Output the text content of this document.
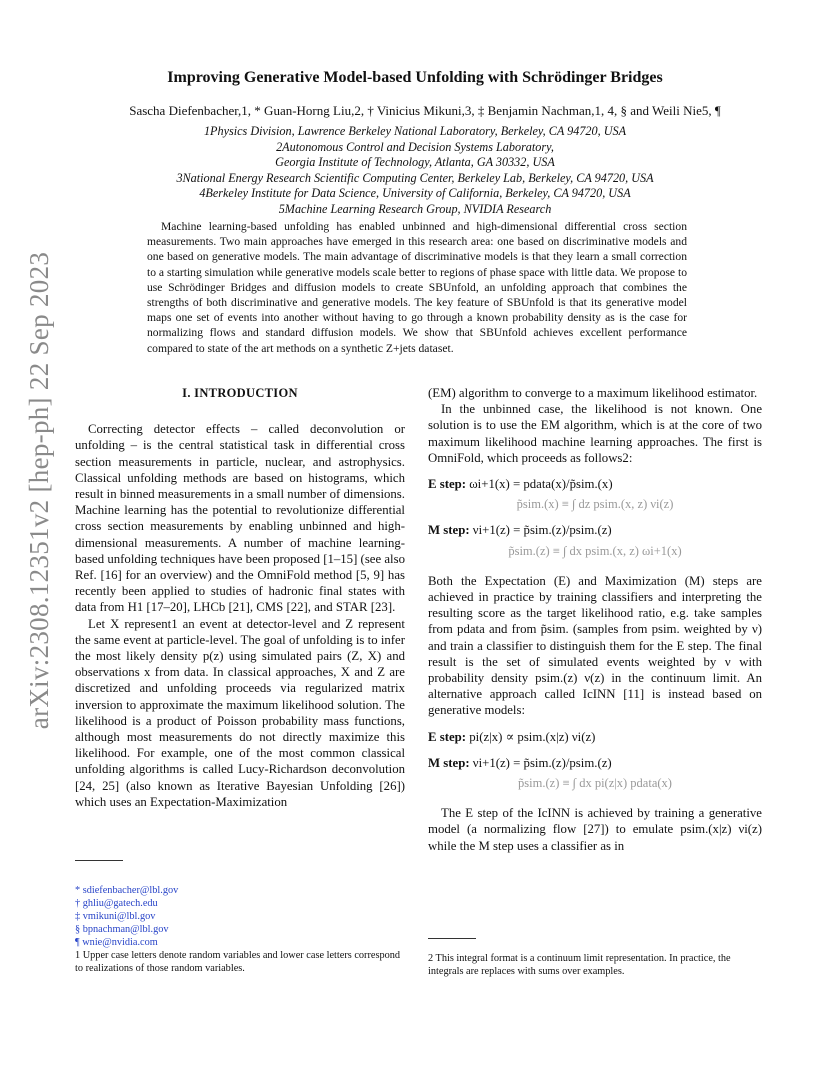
arXiv:2308.12351v2 [hep-ph] 22 Sep 2023
Improving Generative Model-based Unfolding with Schrödinger Bridges
Sascha Diefenbacher,1, * Guan-Horng Liu,2, † Vinicius Mikuni,3, ‡ Benjamin Nachman,1, 4, § and Weili Nie5, ¶
1Physics Division, Lawrence Berkeley National Laboratory, Berkeley, CA 94720, USA
2Autonomous Control and Decision Systems Laboratory,
Georgia Institute of Technology, Atlanta, GA 30332, USA
3National Energy Research Scientific Computing Center, Berkeley Lab, Berkeley, CA 94720, USA
4Berkeley Institute for Data Science, University of California, Berkeley, CA 94720, USA
5Machine Learning Research Group, NVIDIA Research
Machine learning-based unfolding has enabled unbinned and high-dimensional differential cross section measurements. Two main approaches have emerged in this research area: one based on discriminative models and one based on generative models. The main advantage of discriminative models is that they learn a small correction to a starting simulation while generative models scale better to regions of phase space with little data. We propose to use Schrödinger Bridges and diffusion models to create SBUnfold, an unfolding approach that combines the strengths of both discriminative and generative models. The key feature of SBUnfold is that its generative model maps one set of events into another without having to go through a known probability density as is the case for normalizing flows and standard diffusion models. We show that SBUnfold achieves excellent performance compared to state of the art methods on a synthetic Z+jets dataset.
I. INTRODUCTION

Correcting detector effects – called deconvolution or unfolding – is the central statistical task in differential cross section measurements in particle, nuclear, and astrophysics. Classical unfolding methods are based on histograms, which result in binned measurements in a small number of dimensions. Machine learning has the potential to revolutionize differential cross section measurements by enabling unbinned and high-dimensional measurements. A number of machine learning-based unfolding techniques have been proposed [1–15] (see also Ref. [16] for an overview) and the OmniFold method [5, 9] has recently been applied to studies of hadronic final states with data from H1 [17–20], LHCb [21], CMS [22], and STAR [23].

Let X represent1 an event at detector-level and Z represent the same event at particle-level. The goal of unfolding is to infer the most likely density p(z) using simulated pairs (Z, X) and observations x from data. In classical approaches, X and Z are discretized and unfolding proceeds via regularized matrix inversion to approximate the maximum likelihood solution. The likelihood is a product of Poisson probability mass functions, although most measurements do not directly maximize this likelihood. For example, one of the most common classical unfolding algorithms is called Lucy-Richardson deconvolution [24, 25] (also known as Iterative Bayesian Unfolding [26]) which uses an Expectation-Maximization

(EM) algorithm to converge to a maximum likelihood estimator.

In the unbinned case, the likelihood is not known. One solution is to use the EM algorithm, which is at the core of two maximum likelihood machine learning approaches. The first is OmniFold, which proceeds as follows2:

E step: ωi+1(x) = pdata(x)/p̃sim.(x)
p̃sim.(x) ≡ ∫ dz psim.(x, z) νi(z)
M step: νi+1(z) = p̃sim.(z)/psim.(z)
p̃sim.(z) ≡ ∫ dx psim.(x, z) ωi+1(x)

Both the Expectation (E) and Maximization (M) steps are achieved in practice by training classifiers and interpreting the resulting score as the target likelihood ratio, e.g. take samples from pdata and from p̃sim. (samples from psim. weighted by ν) and train a classifier to distinguish them for the E step. The final result is the set of simulated events weighted by ν with probability density psim.(z) ν(z) in the continuum limit. An alternative approach called IcINN [11] is instead based on generative models:

E step: pi(z|x) ∝ psim.(x|z) νi(z)
M step: νi+1(z) = p̃sim.(z)/psim.(z)
p̃sim.(z) ≡ ∫ dx pi(z|x) pdata(x)

The E step of the IcINN is achieved by training a generative model (a normalizing flow [27]) to emulate psim.(x|z) νi(z) while the M step uses a classifier as in

* sdiefenbacher@lbl.gov
† ghliu@gatech.edu
‡ vmikuni@lbl.gov
§ bpnachman@lbl.gov
¶ wnie@nvidia.com
1 Upper case letters denote random variables and lower case letters correspond to realizations of those random variables.
2 This integral format is a continuum limit representation. In practice, the integrals are replaces with sums over examples.
